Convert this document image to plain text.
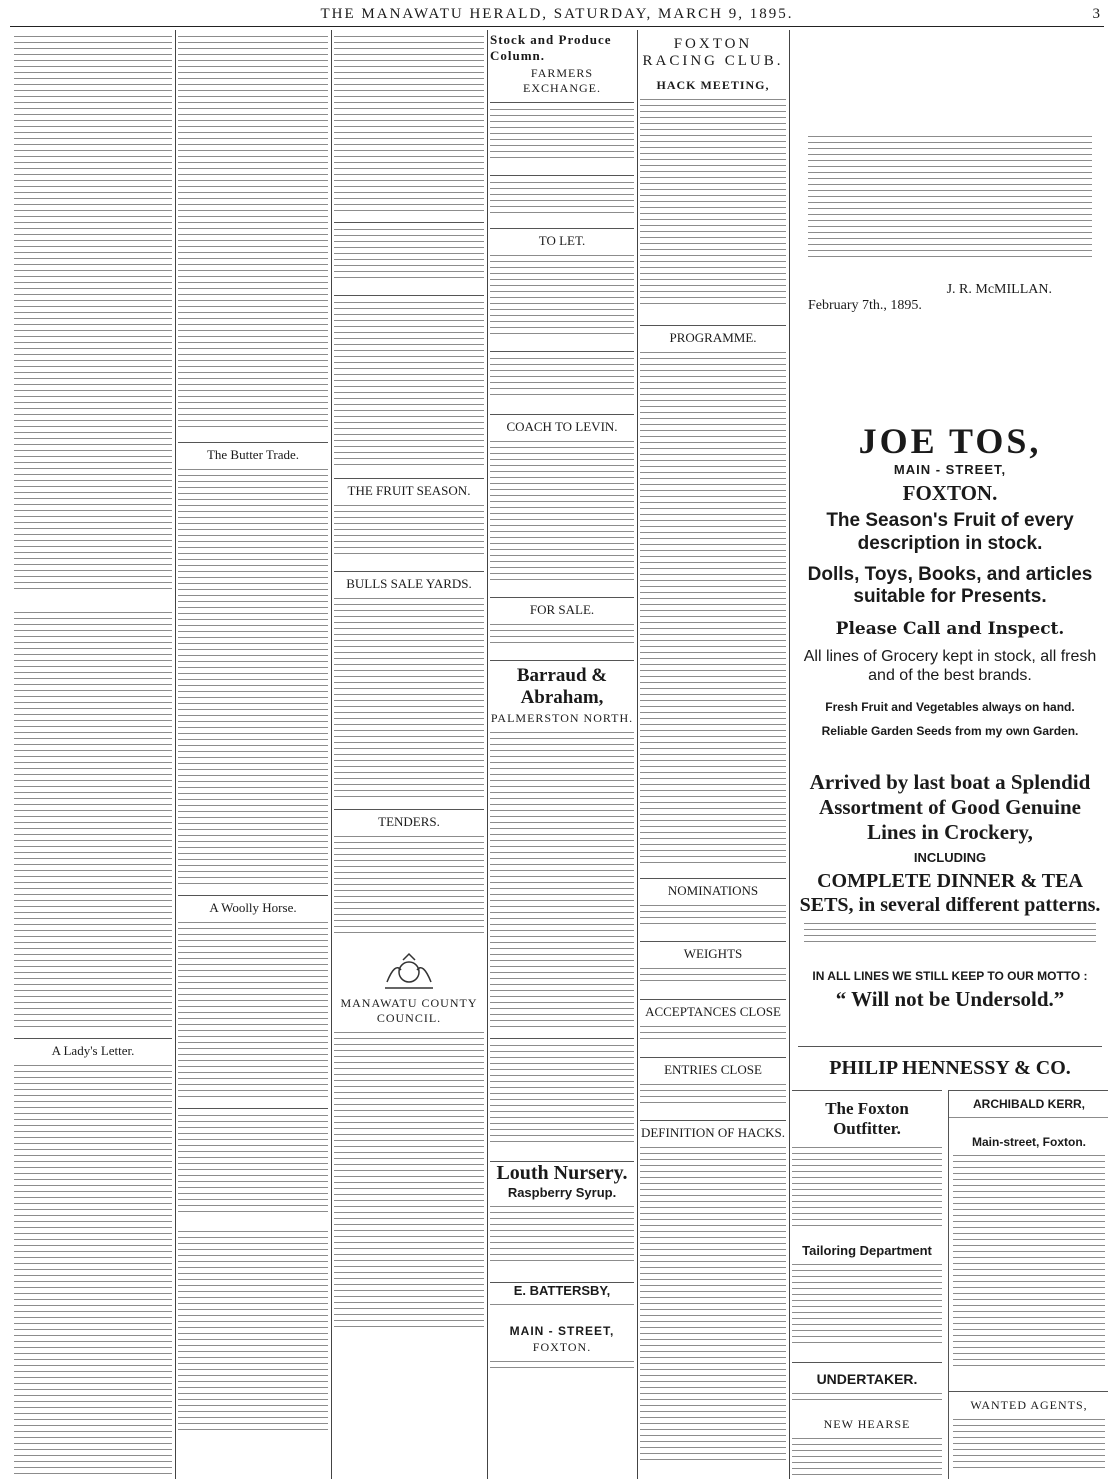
THE MANAWATU HERALD, SATURDAY, MARCH 9, 1895.	3
A Lady's Letter.
The Butter Trade.
A Woolly Horse.
THE FRUIT SEASON.
BULLS SALE YARDS.
TENDERS.
MANAWATU COUNTY COUNCIL.
Stock and Produce Column.
FARMERS EXCHANGE.
TO LET.
COACH TO LEVIN.
FOR SALE.
Barraud & Abraham,
PALMERSTON NORTH.
Louth Nursery.
Raspberry Syrup.
E. BATTERSBY,
MAIN - STREET,
FOXTON.
FOXTON RACING CLUB.
HACK MEETING,
PROGRAMME.
NOMINATIONS
WEIGHTS
ACCEPTANCES CLOSE
ENTRIES CLOSE
DEFINITION OF HACKS.
J. R. McMILLAN.
February 7th., 1895.
JOE TOS,
MAIN - STREET,
FOXTON.
The Season's Fruit of every description in stock.
Dolls, Toys, Books, and articles suitable for Presents.
Please Call and Inspect.
All lines of Grocery kept in stock, all fresh and of the best brands.
Fresh Fruit and Vegetables always on hand.
Reliable Garden Seeds from my own Garden.
Arrived by last boat a Splendid Assortment of Good Genuine Lines in Crockery,
INCLUDING
COMPLETE DINNER & TEA SETS, in several different patterns.
IN ALL LINES WE STILL KEEP TO OUR MOTTO :
“ Will not be Undersold.”
PHILIP HENNESSY & CO.
The Foxton Outfitter.
Tailoring Department
UNDERTAKER.
NEW HEARSE
ARCHIBALD KERR,
Main-street, Foxton.
WANTED AGENTS,
